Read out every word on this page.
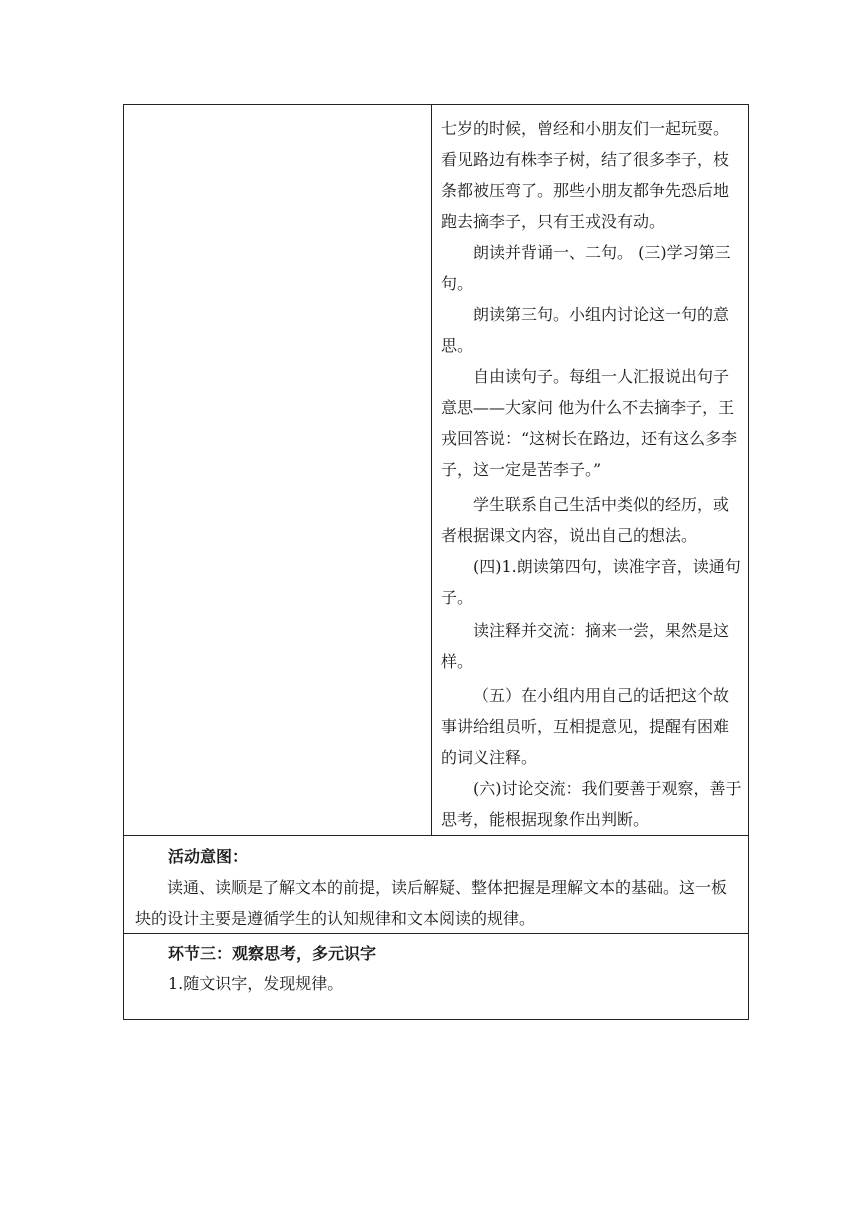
七岁的时候，曾经和小朋友们一起玩耍。看见路边有株李子树，结了很多李子，枝条都被压弯了。那些小朋友都争先恐后地跑去摘李子，只有王戎没有动。

朗读并背诵一、二句。 (三)学习第三句。

朗读第三句。小组内讨论这一句的意思。

自由读句子。每组一人汇报说出句子意思——大家问 他为什么不去摘李子，王戎回答说：“这树长在路边，还有这么多李子，这一定是苦李子。”

学生联系自己生活中类似的经历，或者根据课文内容，说出自己的想法。

(四)1.朗读第四句，读准字音，读通句子。

读注释并交流：摘来一尝，果然是这样。

（五）在小组内用自己的话把这个故事讲给组员听，互相提意见，提醒有困难的词义注释。

(六)讨论交流：我们要善于观察，善于思考，能根据现象作出判断。

活动意图：

读通、读顺是了解文本的前提，读后解疑、整体把握是理解文本的基础。这一板块的设计主要是遵循学生的认知规律和文本阅读的规律。

环节三：观察思考，多元识字

1.随文识字，发现规律。
